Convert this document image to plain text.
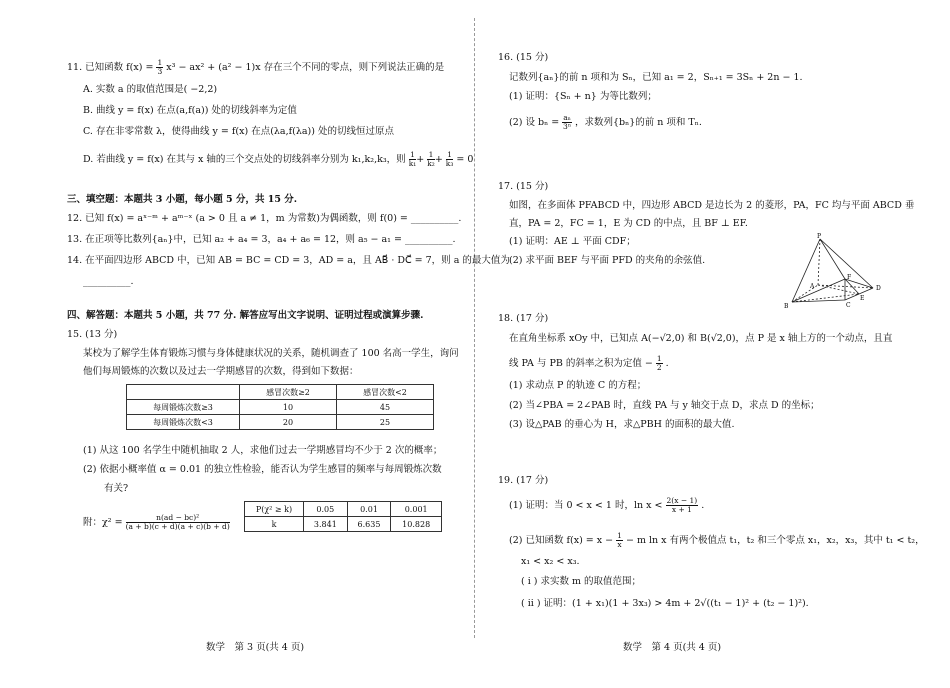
11. 已知函数 $f(x) = \frac{1}{3} x^3 - ax^2 + (a^2 - 1)x$ 存在三个不同的零点，则下列说法正确的是
A. 实数 a 的取值范围是( −2,2)
B. 曲线 y = f(x) 在点(a,f(a)) 处的切线斜率为定值
C. 存在非零常数 λ，使得曲线 y = f(x) 在点(λa,f(λa)) 处的切线恒过原点
D. 若曲线 y = f(x) 在其与 x 轴的三个交点处的切线斜率分别为 k₁,k₂,k₃，则 $\frac{1}{\text{k₁}} + \frac{1}{\text{k₂}} + \frac{1}{\text{k₃}} = 0$
三、填空题：本题共 3 小题，每小题 5 分，共 15 分.
12. 已知 f(x) = aˣ⁻ᵐ + aᵐ⁻ˣ (a > 0 且 a ≠ 1，m 为常数)为偶函数，则 f(0) = __________.
13. 在正项等比数列{aₙ}中，已知 a₂ + a₄ = 3，a₄ + a₆ = 12，则 a₅ − a₁ = __________.
14. 在平面四边形 ABCD 中，已知 AB = BC = CD = 3，AD = a，且 AB⃗ · DC⃗ = 7，则 a 的最大值为
__________.
四、解答题：本题共 5 小题，共 77 分. 解答应写出文字说明、证明过程或演算步骤.
15. (13 分)
某校为了解学生体育锻炼习惯与身体健康状况的关系，随机调查了 100 名高一学生，询问
他们每周锻炼的次数以及过去一学期感冒的次数，得到如下数据：
	感冒次数≥2	感冒次数<2
每周锻炼次数≥3	10	45
每周锻炼次数<3	20	25
(1) 从这 100 名学生中随机抽取 2 人，求他们过去一学期感冒均不少于 2 次的概率；
(2) 依据小概率值 α = 0.01 的独立性检验，能否认为学生感冒的频率与每周锻炼次数
有关?
附：$\chi^2 = \frac{\text{n(ad − bc)²}}{(a + b)(c + d)(a + c)(b + d)}$
P(χ² ≥ k)	0.05	0.01	0.001
k	3.841	6.635	10.828
数学　第 3 页(共 4 页)
16. (15 分)
记数列{aₙ}的前 n 项和为 Sₙ，已知 a₁ = 2，Sₙ₊₁ = 3Sₙ + 2n − 1.
(1) 证明：{Sₙ + n} 为等比数列；
(2) 设 $b_n = \frac{\text{aₙ}}{\text{3ⁿ}}$ ，求数列{bₙ}的前 n 项和 Tₙ.
17. (15 分)
如图，在多面体 PFABCD 中，四边形 ABCD 是边长为 2 的菱形，PA，FC 均与平面 ABCD 垂
直，PA = 2，FC = 1，E 为 CD 的中点，且 BF ⊥ EF.
(1) 证明：AE ⊥ 平面 CDF；
(2) 求平面 BEF 与平面 PFD 的夹角的余弦值.
P
F
A
B	C
D
E
18. (17 分)
在直角坐标系 xOy 中，已知点 A(−√2,0) 和 B(√2,0)，点 P 是 x 轴上方的一个动点，且直
线 PA 与 PB 的斜率之积为定值 − $\frac{1}{2}$ .
(1) 求动点 P 的轨迹 C 的方程；
(2) 当∠PBA = 2∠PAB 时，直线 PA 与 y 轴交于点 D，求点 D 的坐标；
(3) 设△PAB 的垂心为 H，求△PBH 的面积的最大值.
19. (17 分)
(1) 证明：当 0 < x < 1 时，$\ln x < \frac{2(x - 1)}{x + 1}$ .
(2) 已知函数 $f(x) = x - \frac{1}{x} - m$ ln x 有两个极值点 t₁，t₂ 和三个零点 x₁，x₂，x₃，其中 t₁ < t₂，
x₁ < x₂ < x₃.
( i ) 求实数 m 的取值范围；
( ii ) 证明：(1 + x₁)(1 + 3x₃) > 4m + 2√((t₁ − 1)² + (t₂ − 1)²).
数学　第 4 页(共 4 页)
